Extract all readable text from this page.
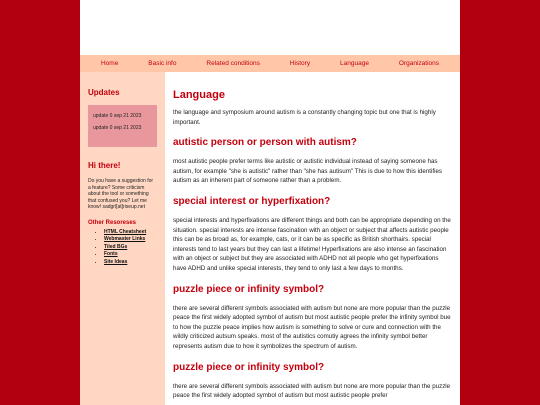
Home	Basic info	Related conditions	History	Language	Organizations

Updates

update 0 sep 21 2023
update 0 sep 21 2023

Hi there!

Do you have a suggestion for a feature? Some criticism about the tool or something that confused you? Let me know! sadgrl[at]riseup.net
Other Resoreses
• HTML Cheatsheet
• Webmaster Links
• Tiled BGs
• Fonts
• Site Ideas
Language

the language and symposium around autism is a constantly changing topic but one that is highly important.

autistic person or person with autism?

most autistic people prefer terms like autistic or autistic individual instead of saying someone has autism, for example "she is autistic" rather than "she has autisum" This is due to how this identifies autism as an inherent part of someone rather than a problem.

special interest or hyperfixation?

special interests and hyperfixations are different things and both can be appropriate depending on the situation. special interests are intense fascination with an object or subject that affects autistic people this can be as broad as, for example, cats, or it can be as specific as British shorthairs. special interests tend to last years but they can last a lifetime! Hyperfixations are also intense an fascination with an object or subject but they are associated with ADHD not all people who get hyperfixations have ADHD and unlike special interests, they tend to only last a few days to months.

puzzle piece or infinity symbol?

there are several different symbols associated with autism but none are more popular than the puzzle peace the first widely adopted symbol of autism but most autistic people prefer the infinity symbol bue to how the puzzle peace implies how autism is something to solve or cure and connection with the wildly criticized autsum speaks. most of the autistics comutiy agrees the infinity symbol better represents autism due to how it symbolizes the spectrum of autism.

puzzle piece or infinity symbol?

there are several different symbols associated with autism but none are more popular than the puzzle peace the first widely adopted symbol of autism but most autistic people prefer
